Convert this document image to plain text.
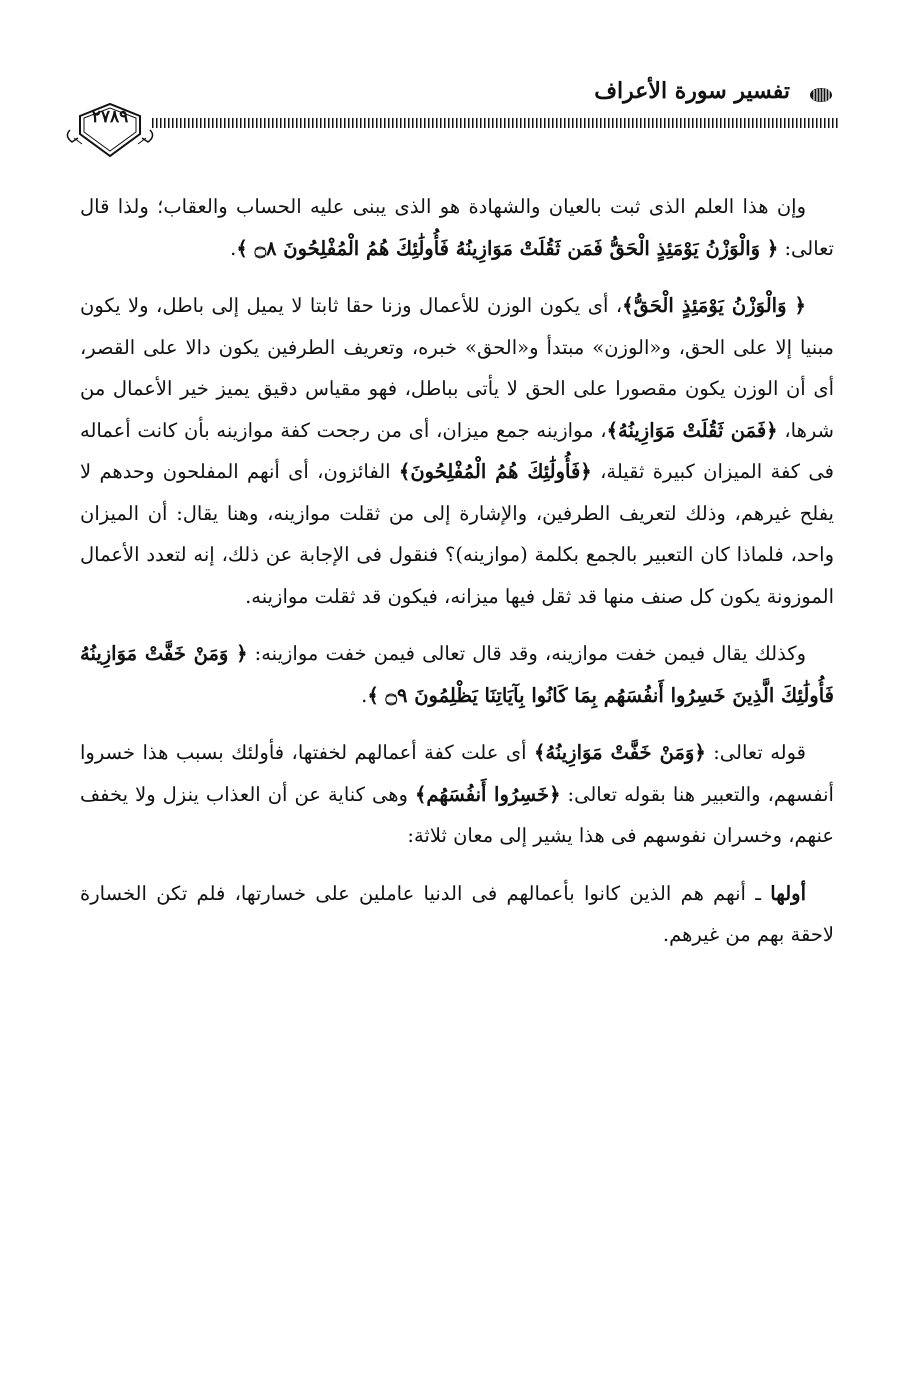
تفسير سورة الأعراف
٢٧٨٩

وإن هذا العلم الذى ثبت بالعيان والشهادة هو الذى يبنى عليه الحساب والعقاب؛ ولذا قال تعالى: ﴿ وَالْوَزْنُ يَوْمَئِذٍ الْحَقُّ فَمَن ثَقُلَتْ مَوَازِينُهُ فَأُولَٰئِكَ هُمُ الْمُفْلِحُونَ ۝٨ ﴾.

﴿ وَالْوَزْنُ يَوْمَئِذٍ الْحَقُّ﴾، أى يكون الوزن للأعمال وزنا حقا ثابتا لا يميل إلى باطل، ولا يكون مبنيا إلا على الحق، و«الوزن» مبتدأ و«الحق» خبره، وتعريف الطرفين يكون دالا على القصر، أى أن الوزن يكون مقصورا على الحق لا يأتى بباطل، فهو مقياس دقيق يميز خير الأعمال من شرها، ﴿فَمَن ثَقُلَتْ مَوَازِينُهُ﴾، موازينه جمع ميزان، أى من رجحت كفة موازينه بأن كانت أعماله فى كفة الميزان كبيرة ثقيلة، ﴿فَأُولَٰئِكَ هُمُ الْمُفْلِحُونَ﴾ الفائزون، أى أنهم المفلحون وحدهم لا يفلح غيرهم، وذلك لتعريف الطرفين، والإشارة إلى من ثقلت موازينه، وهنا يقال: أن الميزان واحد، فلماذا كان التعبير بالجمع بكلمة (موازينه)؟ فنقول فى الإجابة عن ذلك، إنه لتعدد الأعمال الموزونة يكون كل صنف منها قد ثقل فيها ميزانه، فيكون قد ثقلت موازينه.

وكذلك يقال فيمن خفت موازينه، وقد قال تعالى فيمن خفت موازينه: ﴿ وَمَنْ خَفَّتْ مَوَازِينُهُ فَأُولَٰئِكَ الَّذِينَ خَسِرُوا أَنفُسَهُم بِمَا كَانُوا بِآيَاتِنَا يَظْلِمُونَ ۝٩ ﴾.

قوله تعالى: ﴿وَمَنْ خَفَّتْ مَوَازِينُهُ﴾ أى علت كفة أعمالهم لخفتها، فأولئك بسبب هذا خسروا أنفسهم، والتعبير هنا بقوله تعالى: ﴿خَسِرُوا أَنفُسَهُم﴾ وهى كناية عن أن العذاب ينزل ولا يخفف عنهم، وخسران نفوسهم فى هذا يشير إلى معان ثلاثة:

أولها ـ أنهم هم الذين كانوا بأعمالهم فى الدنيا عاملين على خسارتها، فلم تكن الخسارة لاحقة بهم من غيرهم.
